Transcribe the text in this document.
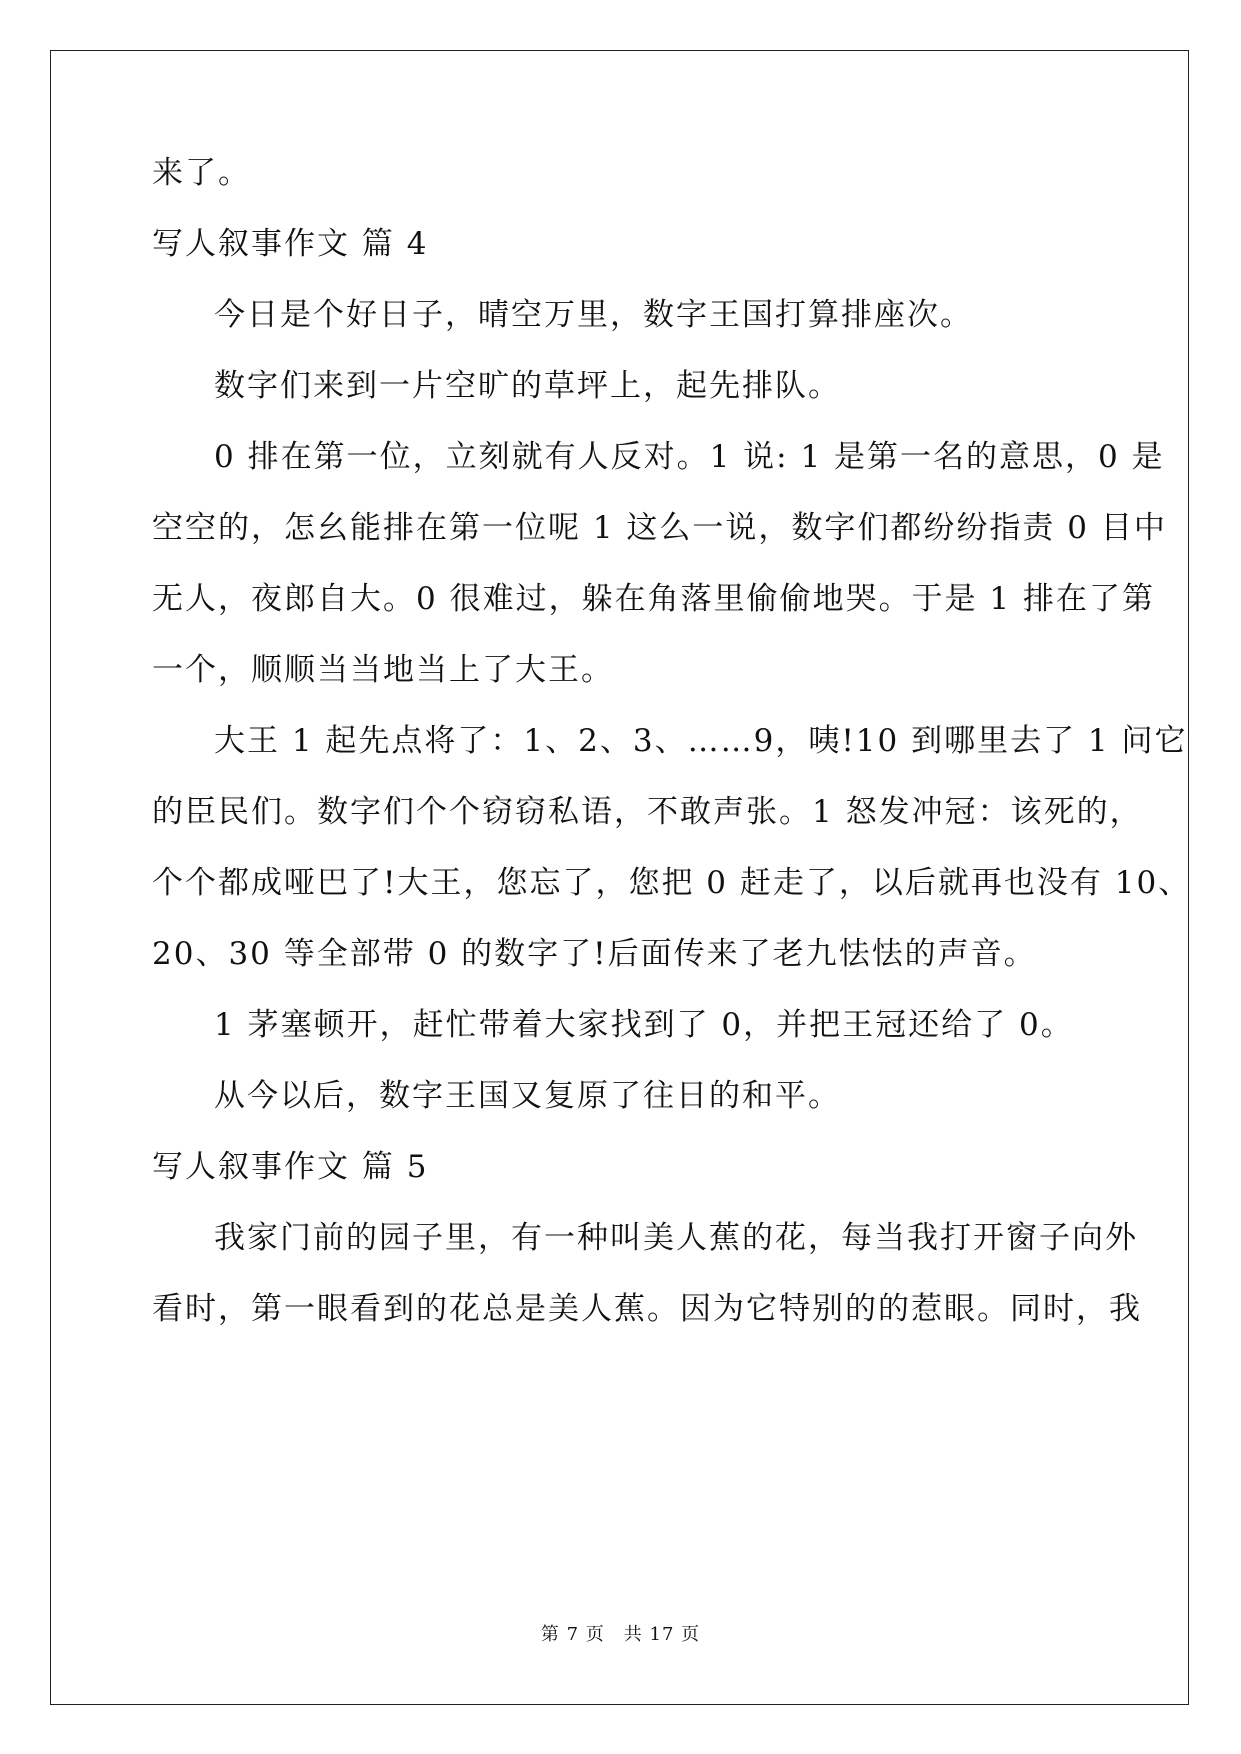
来了。
写人叙事作文 篇 4
今日是个好日子，晴空万里，数字王国打算排座次。
数字们来到一片空旷的草坪上，起先排队。
0 排在第一位，立刻就有人反对。1 说: 1 是第一名的意思，0 是
空空的，怎幺能排在第一位呢 1 这么一说，数字们都纷纷指责 0 目中
无人，夜郎自大。0 很难过，躲在角落里偷偷地哭。于是 1 排在了第
一个，顺顺当当地当上了大王。
大王 1 起先点将了：1、2、3、……9，咦!10 到哪里去了 1 问它
的臣民们。数字们个个窃窃私语，不敢声张。1 怒发冲冠：该死的，
个个都成哑巴了!大王，您忘了，您把 0 赶走了，以后就再也没有 10、
20、30 等全部带 0 的数字了!后面传来了老九怯怯的声音。
1 茅塞顿开，赶忙带着大家找到了 0，并把王冠还给了 0。
从今以后，数字王国又复原了往日的和平。
写人叙事作文 篇 5
我家门前的园子里，有一种叫美人蕉的花，每当我打开窗子向外
看时，第一眼看到的花总是美人蕉。因为它特别的的惹眼。同时，我
第 7 页　共 17 页
